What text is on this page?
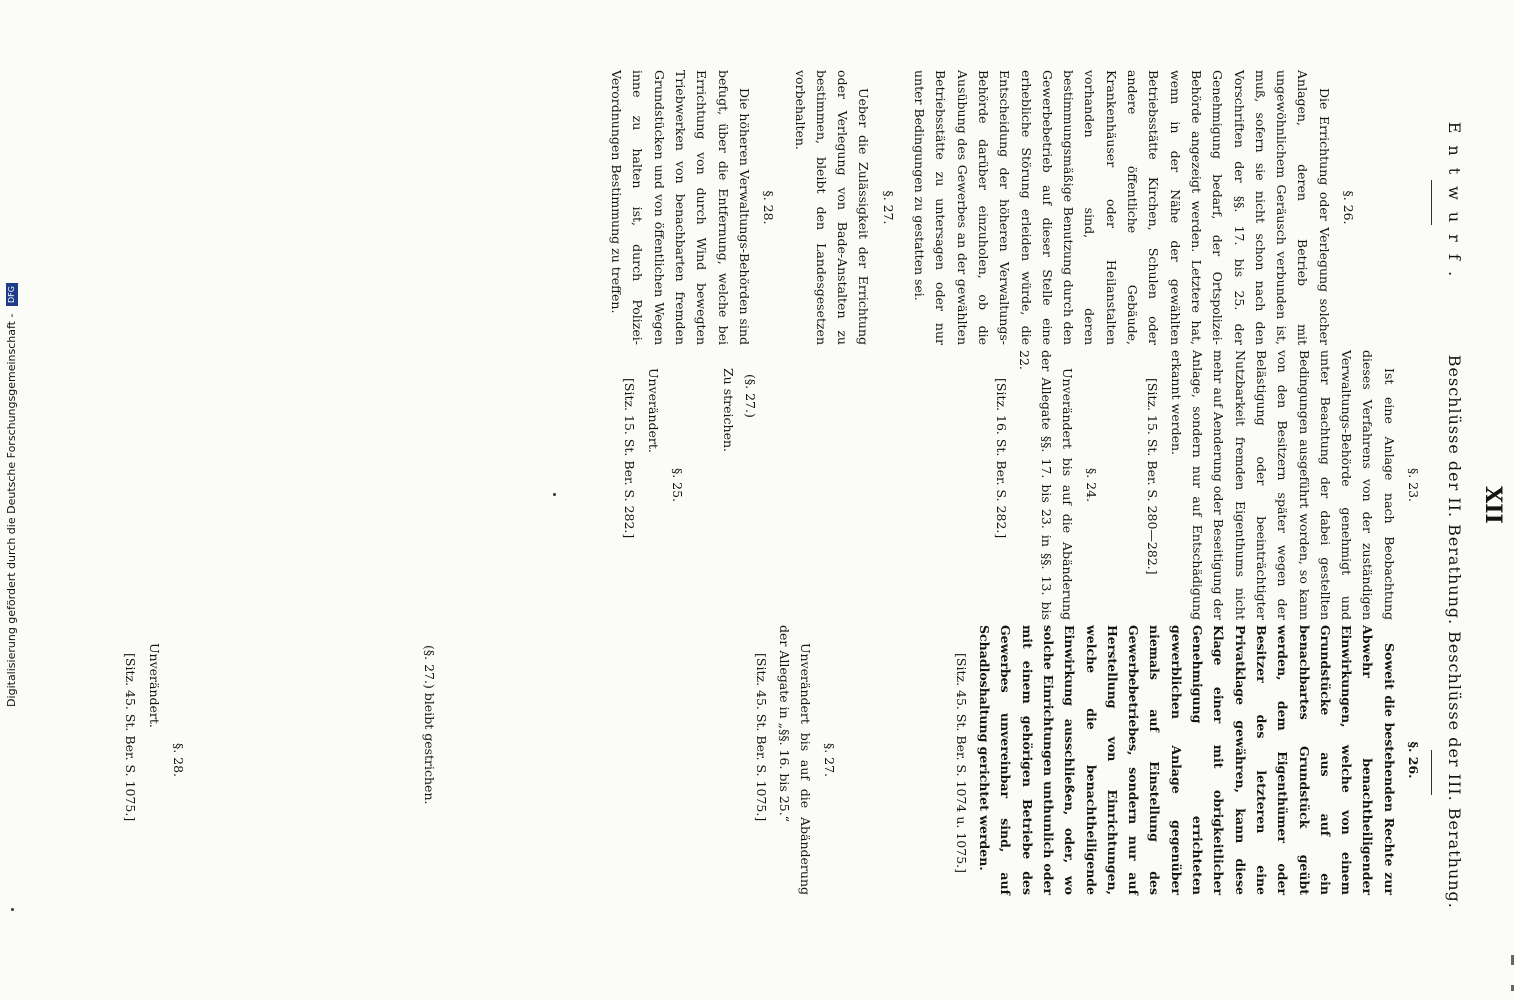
XII
Beschlüsse der III. Berathung.

§. 26.

Soweit die bestehenden Rechte zur Abwehr benachtheiligender Einwirkungen, welche von einem Grundstücke aus auf ein benachbartes Grundstück geübt werden, dem Eigenthümer oder Besitzer des letzteren eine Privatklage gewähren, kann diese Klage einer mit obrigkeitlicher Genehmigung errichteten gewerblichen Anlage gegenüber niemals auf Einstellung des Gewerbebetriebes, sondern nur auf Herstellung von Einrichtungen, welche die benachtheiligende Einwirkung ausschließen, oder, wo solche Einrichtungen unthunlich oder mit einem gehörigen Betriebe des Gewerbes unvereinbar sind, auf Schadloshaltung gerichtet werden.

[Sitz. 45. St. Ber. S. 1074 u. 1075.]

§. 27.

Unverändert bis auf die Abänderung der Allegate in „§§. 16. bis 25.“

[Sitz. 45. St. Ber. S. 1075.]

(§. 27.) bleibt gestrichen.

§. 28.

Unverändert.

[Sitz. 45. St. Ber. S. 1075.]

Beschlüsse der II. Berathung.

§. 23.

Ist eine Anlage nach Beobachtung dieses Verfahrens von der zuständigen Verwaltungs-Behörde genehmigt und unter Beachtung der dabei gestellten Bedingungen ausgeführt worden, so kann von den Besitzern später wegen der Belästigung oder beeinträchtigter Nutzbarkeit fremden Eigenthums nicht mehr auf Aenderung oder Beseitigung der Anlage, sondern nur auf Entschädigung erkannt werden.

[Sitz. 15. St. Ber. S. 280—282.]

§. 24.

Unverändert bis auf die Abänderung der Allegate §§. 17. bis 23. in §§. 13. bis 22.

[Sitz. 16. St. Ber. S. 282.]

(§. 27.)

Zu streichen.

§. 25.

Unverändert.

[Sitz. 15. St. Ber. S. 282.]

Entwurf.

§. 26.

Die Errichtung oder Verlegung solcher Anlagen, deren Betrieb mit ungewöhnlichem Geräusch verbunden ist, muß, sofern sie nicht schon nach den Vorschriften der §§. 17. bis 25. der Genehmigung bedarf, der Ortspolizei-Behörde angezeigt werden. Letztere hat, wenn in der Nähe der gewählten Betriebsstätte Kirchen, Schulen oder andere öffentliche Gebäude, Krankenhäuser oder Heilanstalten vorhanden sind, deren bestimmungsmäßige Benutzung durch den Gewerbebetrieb auf dieser Stelle eine erhebliche Störung erleiden würde, die Entscheidung der höheren Verwaltungs-Behörde darüber einzuholen, ob die Ausübung des Gewerbes an der gewählten Betriebsstätte zu untersagen oder nur unter Bedingungen zu gestatten sei.

§. 27.

Ueber die Zulässigkeit der Errichtung oder Verlegung von Bade-Anstalten zu bestimmen, bleibt den Landesgesetzen vorbehalten.

§. 28.

Die höheren Verwaltungs-Behörden sind befugt, über die Entfernung, welche bei Errichtung von durch Wind bewegten Triebwerken von benachbarten fremden Grundstücken und von öffentlichen Wegen inne zu halten ist, durch Polizei-Verordnungen Bestimmung zu treffen.

Digitalisierung gefördert durch die Deutsche Forschungsgemeinschaft - DFG
